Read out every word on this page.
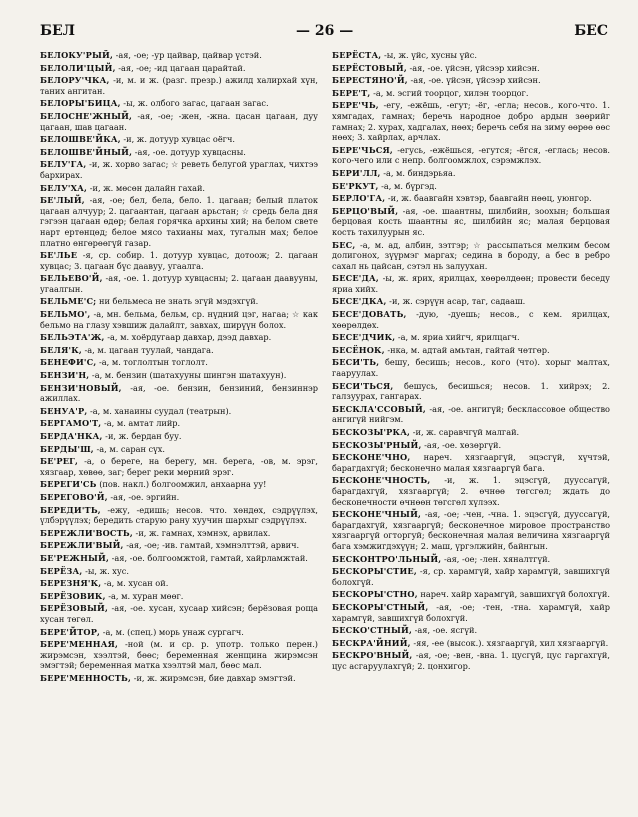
БЕЛ	— 26 —	БЕС

БЕЛОКУ'РЫЙ, -ая, -ое; -ур цайвар, цайвар үстэй.

БЕЛОЛИ'ЦЫЙ, -ая, -ое; -ид цагаан царайтай.

БЕЛОРУ'ЧКА, -и, м. и ж. (разг. презр.) ажилд халирхай хүн, таних ангитан.

БЕЛОРЫ'БИЦА, -ы, ж. олбого загас, цагаан загас.

БЕЛОСНЕ'ЖНЫЙ, -ая, -ое; -жен, -жна. цасан цагаан, дуу цагаан, шав цагаан.

БЕЛОШВЕ'ЙКА, -и, ж. дотуур хувцас оёгч.

БЕЛОШВЕ'ЙНЫЙ, -ая, -ое. дотуур хувцасны.

БЕЛУ'ГА, -и, ж. хорво загас; ☆ реветь белугой ураглах, чихтээ бархирах.

БЕЛУ'ХА, -и, ж. мөсөн далайн гахай.

БЕ'ЛЫЙ, -ая, -ое; бел, бела, бело. 1. цагаан; белый платок цагаан алчуур; 2. цагаантан, цагаан арьстан; ☆ средь бела дня гэгээн цагаан өдөр; белая горячка архины хий; на белом свете нарт ертөнцөд; белое мясо тахианы мах, тугалын мах; белое платно өнгөрөөгүй газар.

БЕ'ЛЬЕ -я, ср. собир. 1. дотуур хувцас, дотоож; 2. цагаан хувцас; 3. цагаан бүс даавуу, угаалга.

БЕЛЬЕВО'Й, -ая, -ое. 1. дотуур хувцасны; 2. цагаан даавууны, угаалгын.

БЕЛЬМЕ'С; ни бельмеса не знать эгүй мэдэхгүй.

БЕЛЬМО', -а, мн. бельма, бельм, ср. нүдний цэг, нагаа; ☆ как бельмо на глазу хэвшиж далайлт, завхах, ширүүн болох.

БЕЛЬЭТА'Ж, -а, м. хоёрдугаар давхар, дээд давхар.

БЕЛЯ'К, -а, м. цагаан туулай, чандага.

БЕНЕФИ'С, -а, м. тоглолтын тоглолт.

БЕНЗИ'Н, -а, м. бензин (шатахууны шингэн шатахуун).

БЕНЗИ'НОВЫЙ, -ая, -ое. бензин, бензиний, бензиннэр ажиллах.

БЕНУА'Р, -а, м. ханаины суудал (театрын).

БЕРГАМО'Т, -а, м. амтат лийр.

БЕРДА'НКА, -и, ж. бердан буу.

БЕРДЫ'Ш, -а, м. саран сүх.

БЕ'РЕГ, -а, о береге, на берегу, мн. берега, -ов, м. эрэг, хязгаар, хөвөө, заг; берег реки мөрний эрэг.

БЕРЕГИ'СЬ (пов. накл.) болгоомжил, анхаарна уу!

БЕРЕГОВО'Й, -ая, -ое. эргийн.

БЕРЕДИ'ТЬ, -ежу, -едишь; несов. что. хөндөх, сэдрүүлэх, үлбэрүүлэх; бередить старую рану хуучин шархыг сэдрүүлэх.

БЕРЕЖЛИ'ВОСТЬ, -и, ж. гамнах, хэмнэх, арвилах.

БЕРЕЖЛИ'ВЫЙ, -ая, -ое; -ив. гамтай, хэмнэлттэй, арвич.

БЕ'РЕЖНЫЙ, -ая, -ое. болгоомжтой, гамтай, хайрламжтай.

БЕРЁЗА, -ы, ж. хус.

БЕРЕЗНЯ'К, -а, м. хусан ой.

БЕРЁЗОВИК, -а, м. хуран мөөг.

БЕРЁЗОВЫЙ, -ая, -ое. хусан, хусаар хийсэн; берёзовая роща хусан төгөл.

БЕРЕ'ЙТОР, -а, м. (спец.) морь унаж сургагч.

БЕРЕ'МЕННАЯ, -ной (м. и ср. р. употр. только перен.) жирэмсэн, хээлтэй, бөөс; беременная женщина жирэмсэн эмэгтэй; беременная матка хээлтэй мал, бөөс мал.

БЕРЕ'МЕННОСТЬ, -и, ж. жирэмсэн, бие давхар эмэгтэй.

БЕРЁСТА, -ы, ж. үйс, хусны үйс.

БЕРЁСТОВЫЙ, -ая, -ое. үйсэн, үйсээр хийсэн.

БЕРЕСТЯНО'Й, -ая, -ое. үйсэн, үйсээр хийсэн.

БЕРЕ'Т, -а, м. эсгий тоорцог, хилэн тоорцог.

БЕРЕ'ЧЬ, -егу, -ежёшь, -егут; -ёг, -егла; несов., кого-что. 1. хямгадах, гамнах; беречь народное добро ардын зөөрийг гамнах; 2. хурах, хадгалах, нөөх; беречь себя на зиму өөрөө өөс нөөх; 3. хайрлах, арчлах.

БЕРЕ'ЧЬСЯ, -егусь, -ежёшься, -егутся; -ёгся, -еглась; несов. кого-чего или с непр. болгоомжлох, сэрэмжлэх.

БЕРИ'ЛЛ, -а, м. биндэрьяа.

БЕ'РКУТ, -а, м. бүргэд.

БЕРЛО'ГА, -и, ж. баавгайн хэвтэр, баавгайн нөөц, уюнгор.

БЕРЦО'ВЫЙ, -ая, -ое. шаантны, шилбийн, зоохын; большая берцовая кость шаантны яс, шилбийн яс; малая берцовая кость тахилуурын яс.

БЕС, -а, м. ад, албин, зэтгэр; ☆ рассыпаться мелким бесом долигонох, зүүрмэг маргах; седина в бороду, а бес в ребро сахал нь цайсан, сэтэл нь залуухан.

БЕСЕ'ДА, -ы, ж. ярих, ярилцах, хөөрөлдөөн; провести беседу яриа хийх.

БЕСЕ'ДКА, -и, ж. сэрүүн асар, таг, садааш.

БЕСЕ'ДОВАТЬ, -дую, -дуешь; несов., с кем. ярилцах, хөөрөлдөх.

БЕСЕ'ДЧИК, -а, м. яриа хийгч, ярилцагч.

БЕСЁНОК, -нка, м. адтай амьтан, гайтай чөтгөр.

БЕСИ'ТЬ, бешу, бесишь; несов., кого (что). хорыг малтах, гааруулах.

БЕСИ'ТЬСЯ, бешусь, бесишься; несов. 1. хийрэх; 2. галзуурах, гангарах.

БЕСКЛА'ССОВЫЙ, -ая, -ое. ангигүй; бесклассовое общество ангигүй нийгэм.

БЕСКОЗЫ'РКА, -и, ж. саравчгүй малгай.

БЕСКОЗЫ'РНЫЙ, -ая, -ое. хөзөргүй.

БЕСКОНЕ'ЧНО, нареч. хязгааргүй, эцэсгүй, хүчтэй, барагдахгүй; бесконечно малая хязгааргүй бага.

БЕСКОНЕ'ЧНОСТЬ, -и, ж. 1. эцэсгүй, дууссагүй, барагдахгүй, хязгааргүй; 2. өчнөө төгсгөл; ждать до бесконечности өчнөөн төгсгөл хүлээх.

БЕСКОНЕ'ЧНЫЙ, -ая, -ое; -чен, -чна. 1. эцэсгүй, дууссагүй, барагдахгүй, хязгааргүй; бесконечное мировое пространство хязгааргүй огторгуй; бесконечная малая величина хязгааргүй бага хэмжигдэхүүн; 2. маш, үргэлжийн, байнгын.

БЕСКОНТРО'ЛЬНЫЙ, -ая, -ое; -лен. хяналтгүй.

БЕСКОРЫ'СТИЕ, -я, ср. харамгүй, хайр харамгүй, завшихгүй болохгүй.

БЕСКОРЫ'СТНО, нареч. хайр харамгүй, завшихгүй болохгүй.

БЕСКОРЫ'СТНЫЙ, -ая, -ое; -тен, -тна. харамгүй, хайр харамгүй, завшихгүй болохгүй.

БЕСКО'СТНЫЙ, -ая, -ое. ясгүй.

БЕСКРА'ЙНИЙ, -яя, -ее (высок.). хязгааргүй, хил хязгааргүй.

БЕСКРО'ВНЫЙ, -ая, -ое; -вен, -вна. 1. цусгүй, цус гаргахгүй, цус асгаруулахгүй; 2. цонхигор.
